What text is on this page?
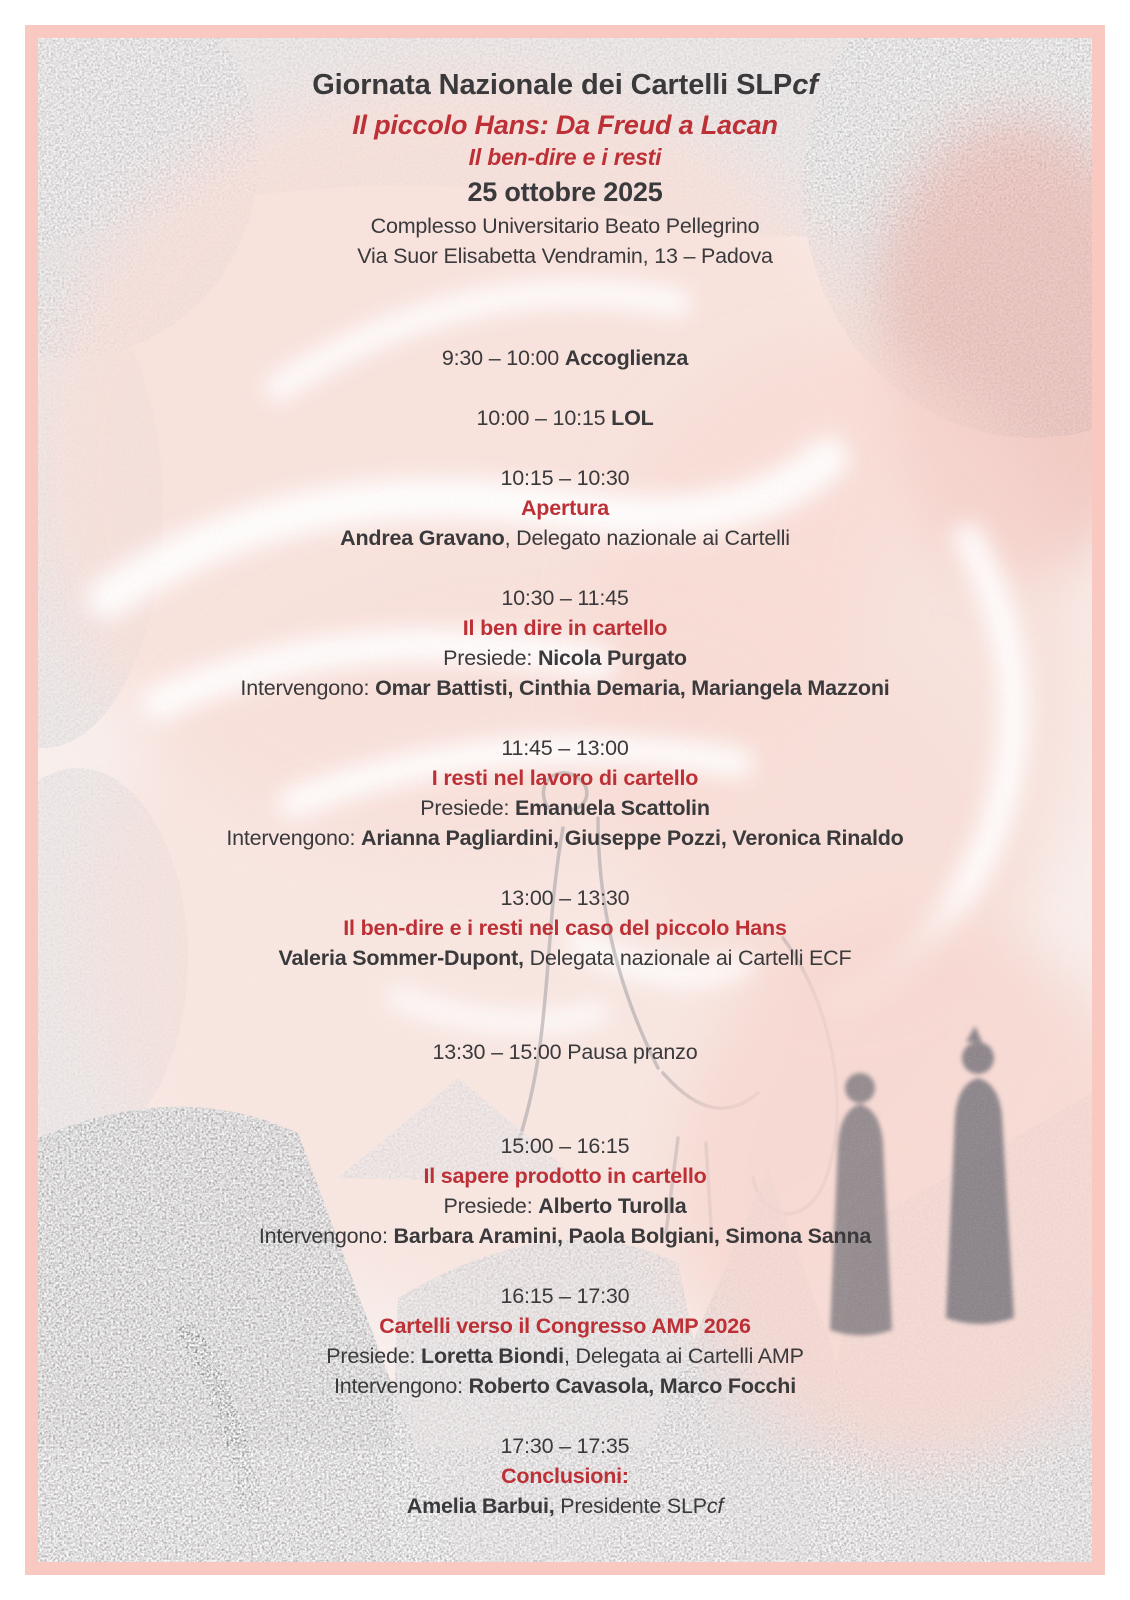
Giornata Nazionale dei Cartelli SLPcf
Il piccolo Hans: Da Freud a Lacan
Il ben-dire e i resti
25 ottobre 2025
Complesso Universitario Beato Pellegrino
Via Suor Elisabetta Vendramin, 13 – Padova
9:30 – 10:00 Accoglienza
10:00 – 10:15 LOL
10:15 – 10:30
Apertura
Andrea Gravano, Delegato nazionale ai Cartelli
10:30 – 11:45
Il ben dire in cartello
Presiede: Nicola Purgato
Intervengono: Omar Battisti, Cinthia Demaria, Mariangela Mazzoni
11:45 – 13:00
I resti nel lavoro di cartello
Presiede: Emanuela Scattolin
Intervengono: Arianna Pagliardini, Giuseppe Pozzi, Veronica Rinaldo
13:00 – 13:30
Il ben-dire e i resti nel caso del piccolo Hans
Valeria Sommer-Dupont, Delegata nazionale ai Cartelli ECF
13:30 – 15:00 Pausa pranzo
15:00 – 16:15
Il sapere prodotto in cartello
Presiede: Alberto Turolla
Intervengono: Barbara Aramini, Paola Bolgiani, Simona Sanna
16:15 – 17:30
Cartelli verso il Congresso AMP 2026
Presiede: Loretta Biondi, Delegata ai Cartelli AMP
Intervengono: Roberto Cavasola, Marco Focchi
17:30 – 17:35
Conclusioni:
Amelia Barbui, Presidente SLPcf
